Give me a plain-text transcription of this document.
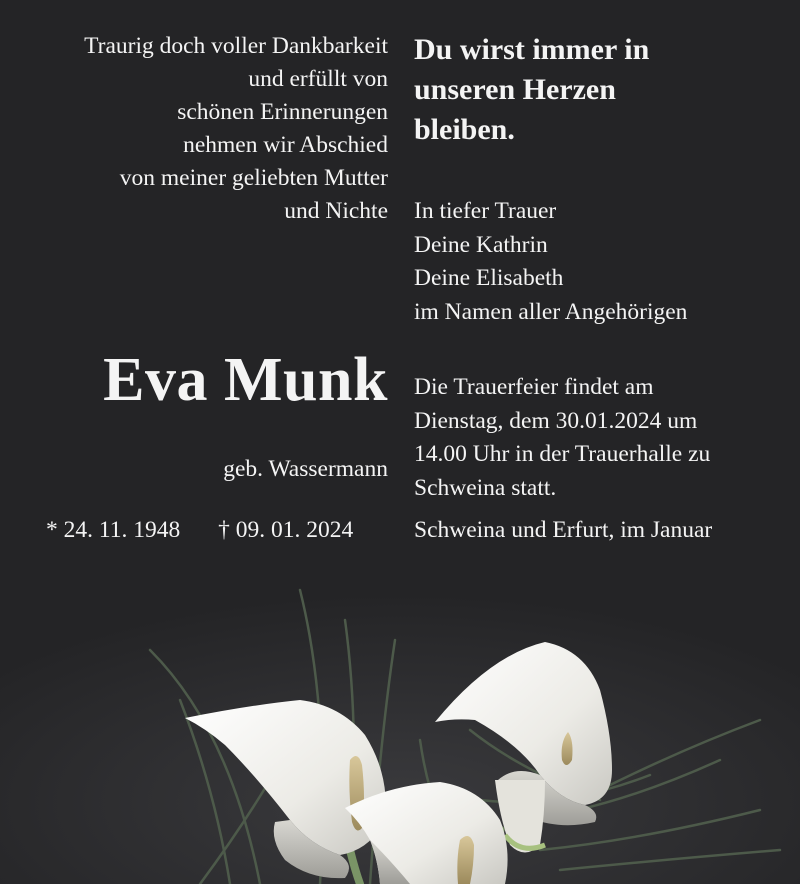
Traurig doch voller Dankbarkeit
und erfüllt von
schönen Erinnerungen
nehmen wir Abschied
von meiner geliebten Mutter
und Nichte
Du wirst immer in
unseren Herzen
bleiben.
In tiefer Trauer
Deine Kathrin
Deine Elisabeth
im Namen aller Angehörigen
Eva Munk
geb. Wassermann
* 24. 11. 1948 † 09. 01. 2024
Die Trauerfeier findet am
Dienstag, dem 30.01.2024 um
14.00 Uhr in der Trauerhalle zu
Schweina statt.
Schweina und Erfurt, im Januar
